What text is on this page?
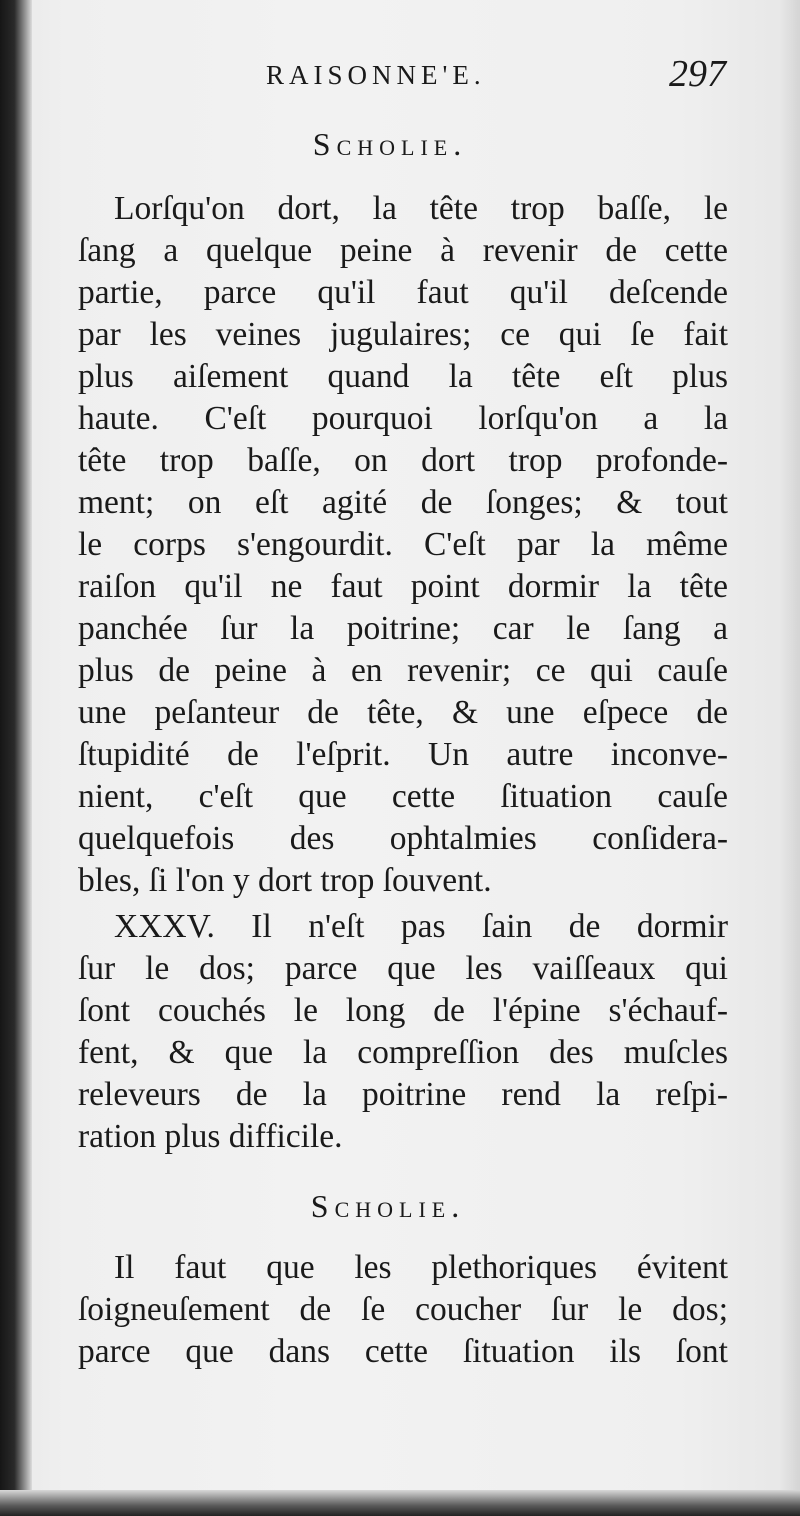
RAISONNE'E.	297
Scholie.
Lorſqu'on dort, la tête trop baſſe, le
ſang a quelque peine à revenir de cette
partie, parce qu'il faut qu'il deſcende
par les veines jugulaires; ce qui ſe fait
plus aiſement quand la tête eſt plus
haute. C'eſt pourquoi lorſqu'on a la
tête trop baſſe, on dort trop profonde-
ment; on eſt agité de ſonges; & tout
le corps s'engourdit. C'eſt par la même
raiſon qu'il ne faut point dormir la tête
panchée ſur la poitrine; car le ſang a
plus de peine à en revenir; ce qui cauſe
une peſanteur de tête, & une eſpece de
ſtupidité de l'eſprit. Un autre inconve-
nient, c'eſt que cette ſituation cauſe
quelquefois des ophtalmies conſidera-
bles, ſi l'on y dort trop ſouvent.
XXXV. Il n'eſt pas ſain de dormir
ſur le dos; parce que les vaiſſeaux qui
ſont couchés le long de l'épine s'échauf-
fent, & que la compreſſion des muſcles
releveurs de la poitrine rend la reſpi-
ration plus difficile.
Scholie.
Il faut que les plethoriques évitent
ſoigneuſement de ſe coucher ſur le dos;
parce que dans cette ſituation ils ſont
